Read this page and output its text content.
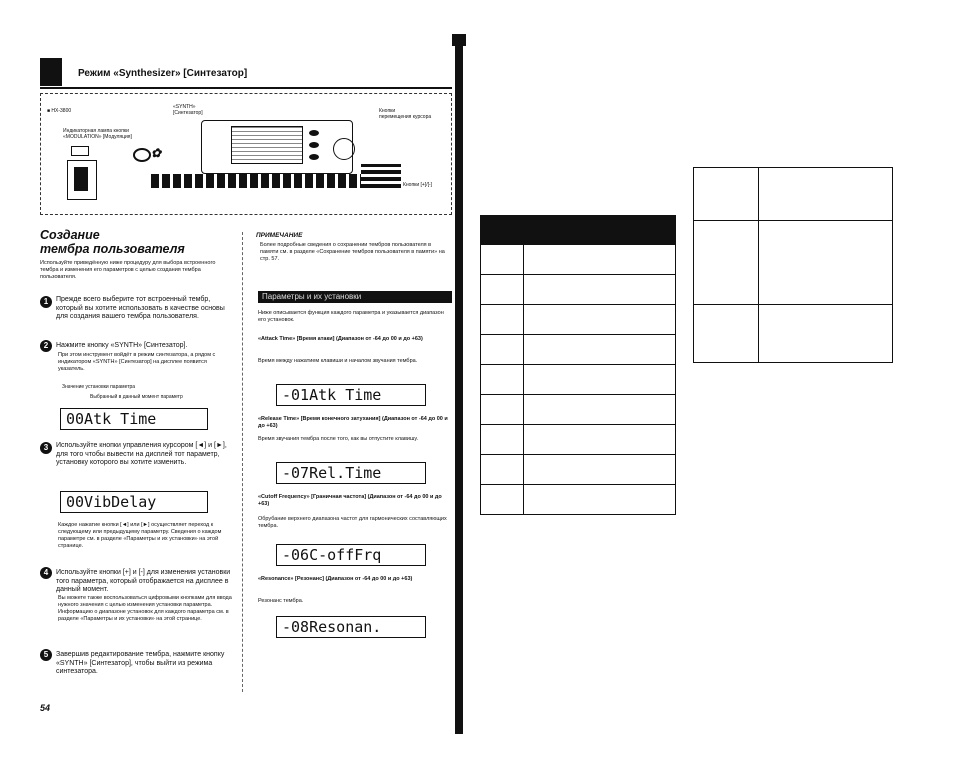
Режим «Synthesizer» [Синтезатор]
■ HX-3800
Индикаторная лампа кнопки
«MODULATION» [Модуляция]
«SYNTH»
[Синтезатор]	Кнопки
перемещения курсора
✿
Кнопки [+]/[-]
Создание
тембра пользователя
Используйте приведённую ниже процедуру для выбора встроенного тембра и изменения его параметров с целью создания тембра пользователя.
1	Прежде всего выберите тот встроенный тембр, который вы хотите использовать в качестве основы для создания вашего тембра пользователя.
2	Нажмите кнопку «SYNTH» [Синтезатор].
При этом инструмент войдёт в режим синтезатора, а рядом с индикатором «SYNTH» [Синтезатор] на дисплее появится указатель.
Значение установки параметра
Выбранный в данный момент параметр
00Atk Time
3	Используйте кнопки управления курсором [◄] и [►], для того чтобы вывести на дисплей тот параметр, установку которого вы хотите изменить.
00VibDelay
Каждое нажатие кнопки [◄] или [►] осуществляет переход к следующему или предыдущему параметру. Сведения о каждом параметре см. в разделе «Параметры и их установки» на этой странице.
4	Используйте кнопки [+] и [-] для изменения установки того параметра, который отображается на дисплее в данный момент.
Вы можете также воспользоваться цифровыми кнопками для ввода нужного значения с целью изменения установки параметра. Информацию о диапазоне установок для каждого параметра см. в разделе «Параметры и их установки» на этой странице.
5	Завершив редактирование тембра, нажмите кнопку «SYNTH» [Синтезатор], чтобы выйти из режима синтезатора.
54
ПРИМЕЧАНИЕ
Более подробные сведения о сохранении тембров пользователя в памяти см. в разделе «Сохранение тембров пользователя в памяти» на стр. 57.
Параметры и их установки
Ниже описывается функция каждого параметра и указывается диапазон его установок.
«Attack Time» [Время атаки] (Диапазон от -64 до 00 и до +63)
Время между нажатием клавиши и началом звучания тембра.
-01Atk Time
«Release Time» [Время конечного затухания] (Диапазон от -64 до 00 и до +63)
Время звучания тембра после того, как вы отпустите клавишу.
-07Rel.Time
«Cutoff Frequency» [Граничная частота] (Диапазон от -64 до 00 и до +63)
Обрубание верхнего диапазона частот для гармонических составляющих тембра.
-06C-offFrq
«Resonance» [Резонанс] (Диапазон от -64 до 00 и до +63)
Резонанс тембра.
-08Resonan.
